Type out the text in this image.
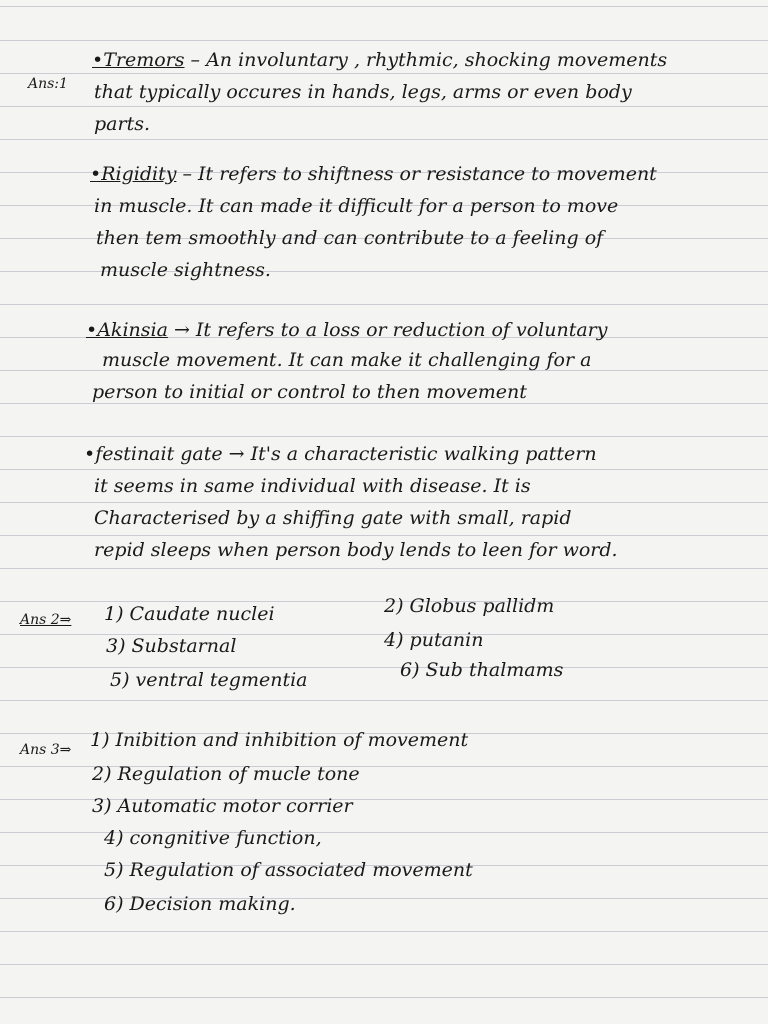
Ans:1
•Tremors – An involuntary , rhythmic, shocking movements
that typically occures in hands, legs, arms or even body
parts.
•Rigidity – It refers to shiftness or resistance to movement
in muscle. It can made it difficult for a person to move
then tem smoothly and can contribute to a feeling of
muscle sightness.
•Akinsia → It refers to a loss or reduction of voluntary
muscle movement. It can make it challenging for a
person to initial or control to then movement
•festinait gate → It's a characteristic walking pattern
it seems in same individual with disease. It is
Characterised by a shiffing gate with small, rapid
repid sleeps when person body lends to leen for word.
Ans 2⇒ 1) Caudate nuclei	2) Globus pallidm
3) Substarnal	4) putanin
5) ventral tegmentia	6) Sub thalmams
Ans 3⇒ 1) Inibition and inhibition of movement
2) Regulation of mucle tone
3) Automatic motor corrier
4) congnitive function,
5) Regulation of associated movement
6) Decision making.
